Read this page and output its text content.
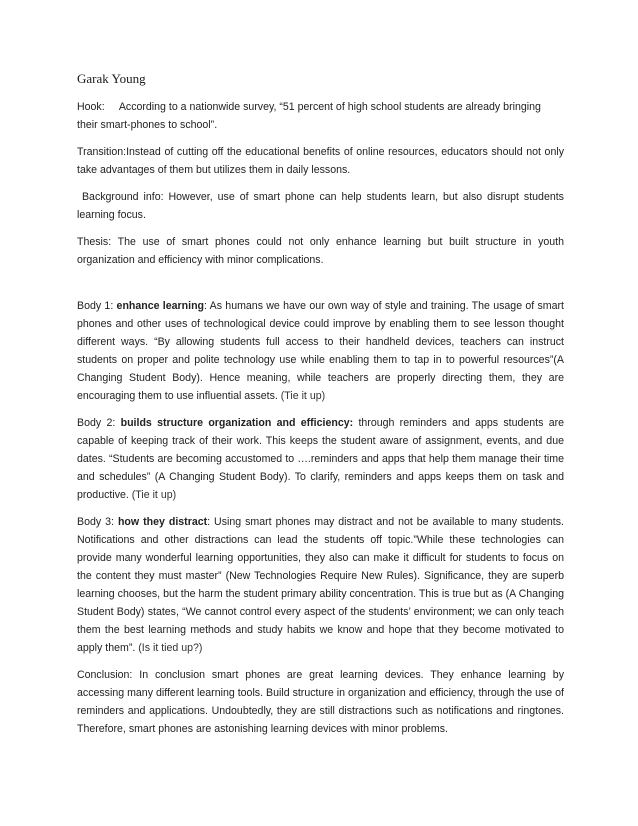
Garak Young

Hook: According to a nationwide survey, “51 percent of high school students are already bringing their smart-phones to school”.

Transition:Instead of cutting off the educational benefits of online resources, educators should not only take advantages of them but utilizes them in daily lessons.

Background info: However, use of smart phone can help students learn, but also disrupt students learning focus.

Thesis: The use of smart phones could not only enhance learning but built structure in youth organization and efficiency with minor complications.

Body 1: enhance learning: As humans we have our own way of style and training. The usage of smart phones and other uses of technological device could improve by enabling them to see lesson thought different ways. “By allowing students full access to their handheld devices, teachers can instruct students on proper and polite technology use while enabling them to tap in to powerful resources”(A Changing Student Body). Hence meaning, while teachers are properly directing them, they are encouraging them to use influential assets. (Tie it up)

Body 2: builds structure organization and efficiency: through reminders and apps students are capable of keeping track of their work. This keeps the student aware of assignment, events, and due dates. “Students are becoming accustomed to ….reminders and apps that help them manage their time and schedules” (A Changing Student Body). To clarify, reminders and apps keeps them on task and productive. (Tie it up)

Body 3: how they distract: Using smart phones may distract and not be available to many students. Notifications and other distractions can lead the students off topic.”While these technologies can provide many wonderful learning opportunities, they also can make it difficult for students to focus on the content they must master” (New Technologies Require New Rules). Significance, they are superb learning chooses, but the harm the student primary ability concentration. This is true but as (A Changing Student Body) states, “We cannot control every aspect of the students’ environment; we can only teach them the best learning methods and study habits we know and hope that they become motivated to apply them”. (Is it tied up?)

Conclusion: In conclusion smart phones are great learning devices. They enhance learning by accessing many different learning tools. Build structure in organization and efficiency, through the use of reminders and applications. Undoubtedly, they are still distractions such as notifications and ringtones. Therefore, smart phones are astonishing learning devices with minor problems.
